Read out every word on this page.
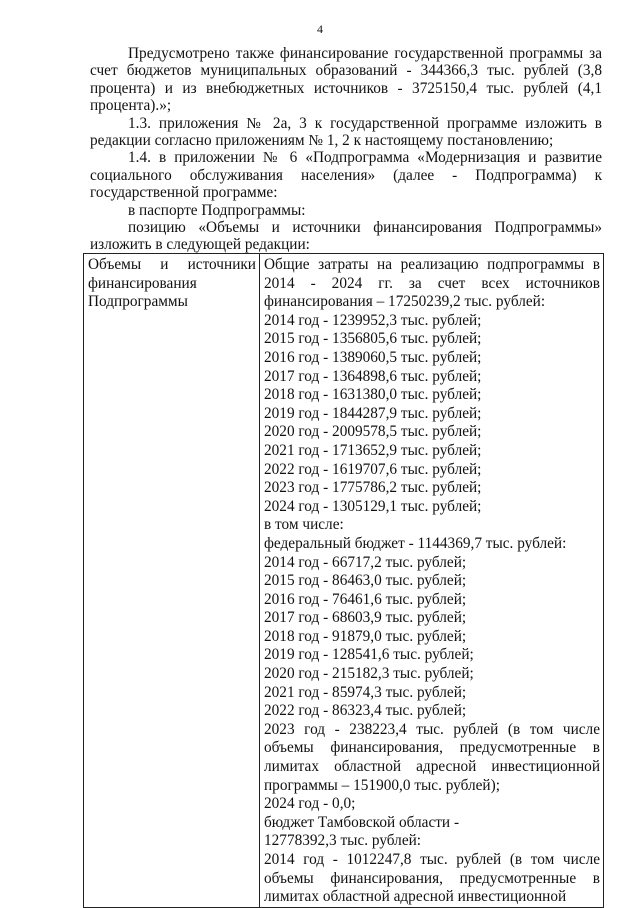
4

Предусмотрено также финансирование государственной программы за счет бюджетов муниципальных образований - 344366,3 тыс. рублей (3,8 процента) и из внебюджетных источников - 3725150,4 тыс. рублей (4,1 процента).»;

1.3. приложения № 2а, 3 к государственной программе изложить в редакции согласно приложениям № 1, 2 к настоящему постановлению;

1.4. в приложении № 6 «Подпрограмма «Модернизация и развитие социального обслуживания населения» (далее - Подпрограмма) к государственной программе:

в паспорте Подпрограммы:

позицию «Объемы и источники финансирования Подпрограммы» изложить в следующей редакции:

Объемы и источники финансирования Подпрограммы

Общие затраты на реализацию подпрограммы в 2014 - 2024 гг. за счет всех источников финансирования – 17250239,2 тыс. рублей:
2014 год - 1239952,3 тыс. рублей;
2015 год - 1356805,6 тыс. рублей;
2016 год - 1389060,5 тыс. рублей;
2017 год - 1364898,6 тыс. рублей;
2018 год - 1631380,0 тыс. рублей;
2019 год - 1844287,9 тыс. рублей;
2020 год - 2009578,5 тыс. рублей;
2021 год - 1713652,9 тыс. рублей;
2022 год - 1619707,6 тыс. рублей;
2023 год - 1775786,2 тыс. рублей;
2024 год - 1305129,1 тыс. рублей;
в том числе:
федеральный бюджет - 1144369,7 тыс. рублей:
2014 год - 66717,2 тыс. рублей;
2015 год - 86463,0 тыс. рублей;
2016 год - 76461,6 тыс. рублей;
2017 год - 68603,9 тыс. рублей;
2018 год - 91879,0 тыс. рублей;
2019 год - 128541,6 тыс. рублей;
2020 год - 215182,3 тыс. рублей;
2021 год - 85974,3 тыс. рублей;
2022 год - 86323,4 тыс. рублей;
2023 год - 238223,4 тыс. рублей (в том числе объемы финансирования, предусмотренные в лимитах областной адресной инвестиционной программы – 151900,0 тыс. рублей);
2024 год - 0,0;
бюджет Тамбовской области -
12778392,3 тыс. рублей:
2014 год - 1012247,8 тыс. рублей (в том числе объемы финансирования, предусмотренные в лимитах областной адресной инвестиционной
